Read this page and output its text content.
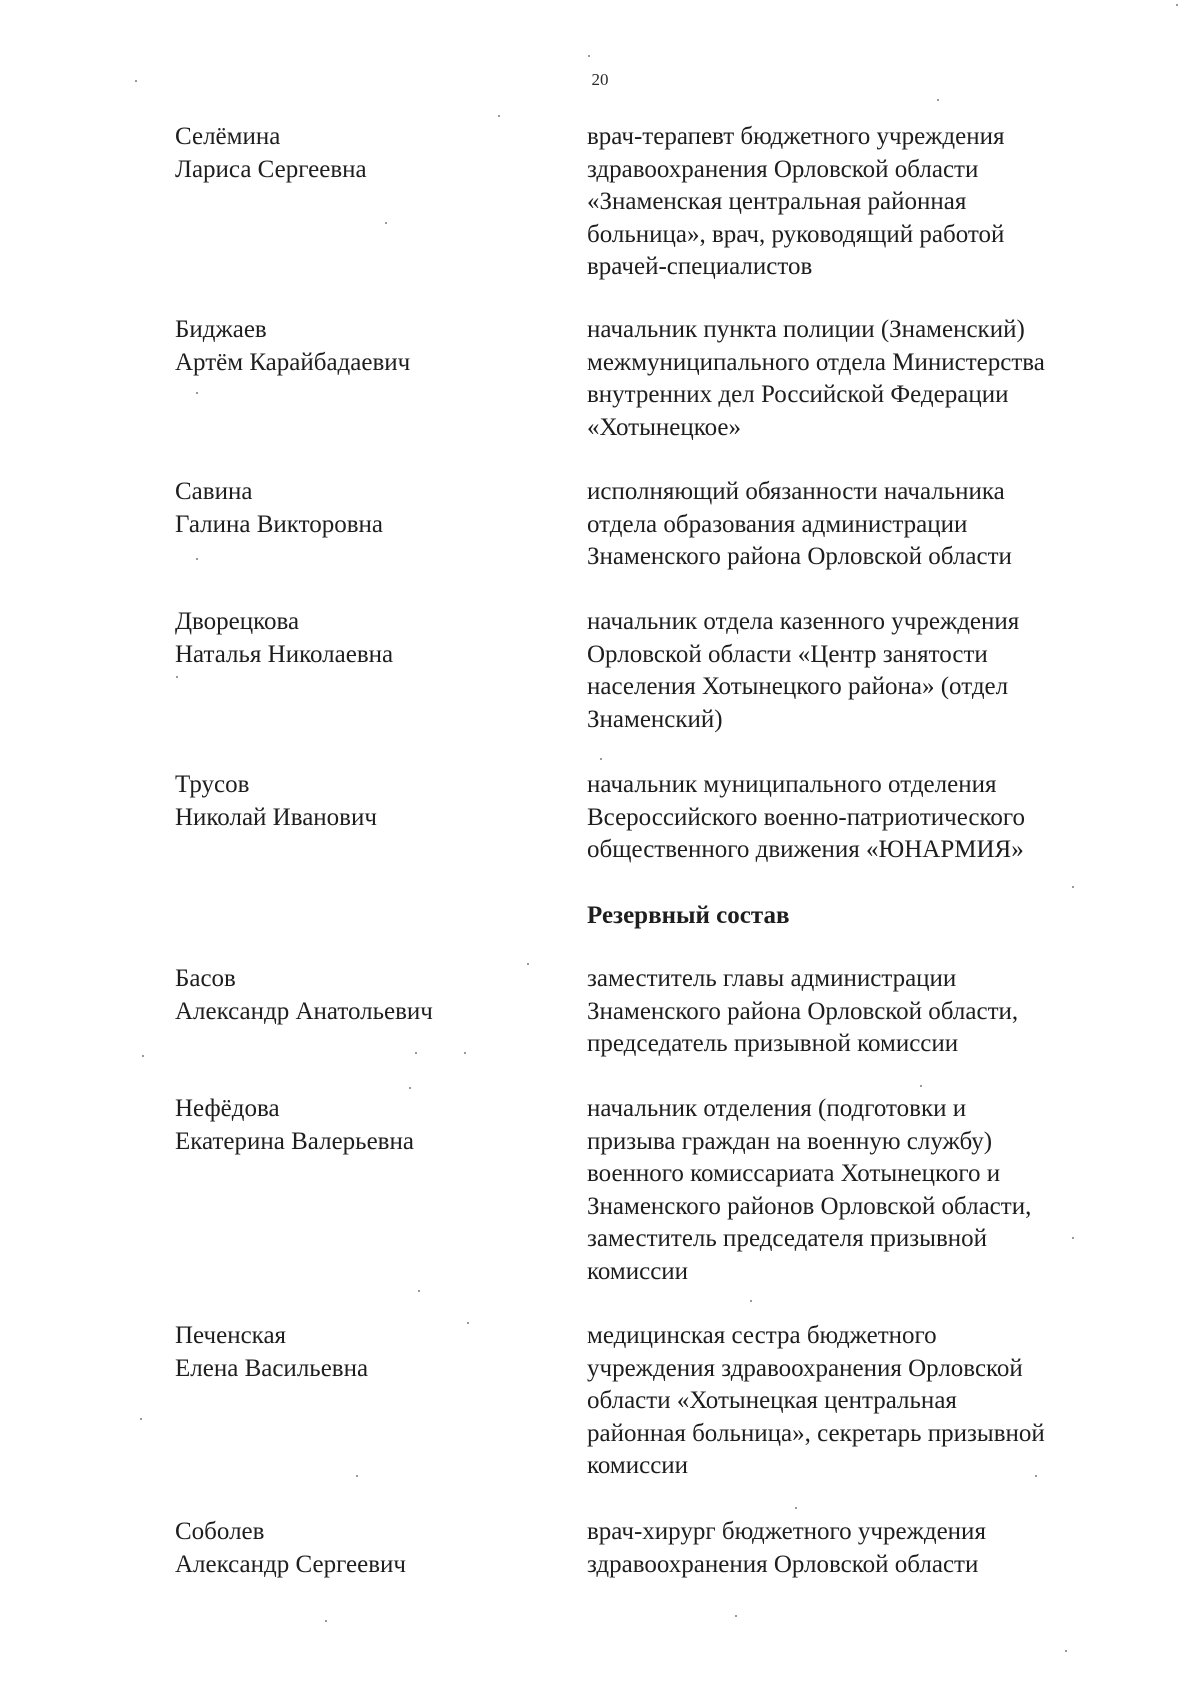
20
Селёмина
Лариса Сергеевна
врач-терапевт бюджетного учреждения
здравоохранения Орловской области
«Знаменская центральная районная
больница», врач, руководящий работой
врачей-специалистов
Биджаев
Артём Карайбадаевич
начальник пункта полиции (Знаменский)
межмуниципального отдела Министерства
внутренних дел Российской Федерации
«Хотынецкое»
Савина
Галина Викторовна
исполняющий обязанности начальника
отдела образования администрации
Знаменского района Орловской области
Дворецкова
Наталья Николаевна
начальник отдела казенного учреждения
Орловской области «Центр занятости
населения Хотынецкого района» (отдел
Знаменский)
Трусов
Николай Иванович
начальник муниципального отделения
Всероссийского военно-патриотического
общественного движения «ЮНАРМИЯ»
Резервный состав
Басов
Александр Анатольевич
заместитель главы администрации
Знаменского района Орловской области,
председатель призывной комиссии
Нефёдова
Екатерина Валерьевна
начальник отделения (подготовки и
призыва граждан на военную службу)
военного комиссариата Хотынецкого и
Знаменского районов Орловской области,
заместитель председателя призывной
комиссии
Печенская
Елена Васильевна
медицинская сестра бюджетного
учреждения здравоохранения Орловской
области «Хотынецкая центральная
районная больница», секретарь призывной
комиссии
Соболев
Александр Сергеевич
врач-хирург бюджетного учреждения
здравоохранения Орловской области
